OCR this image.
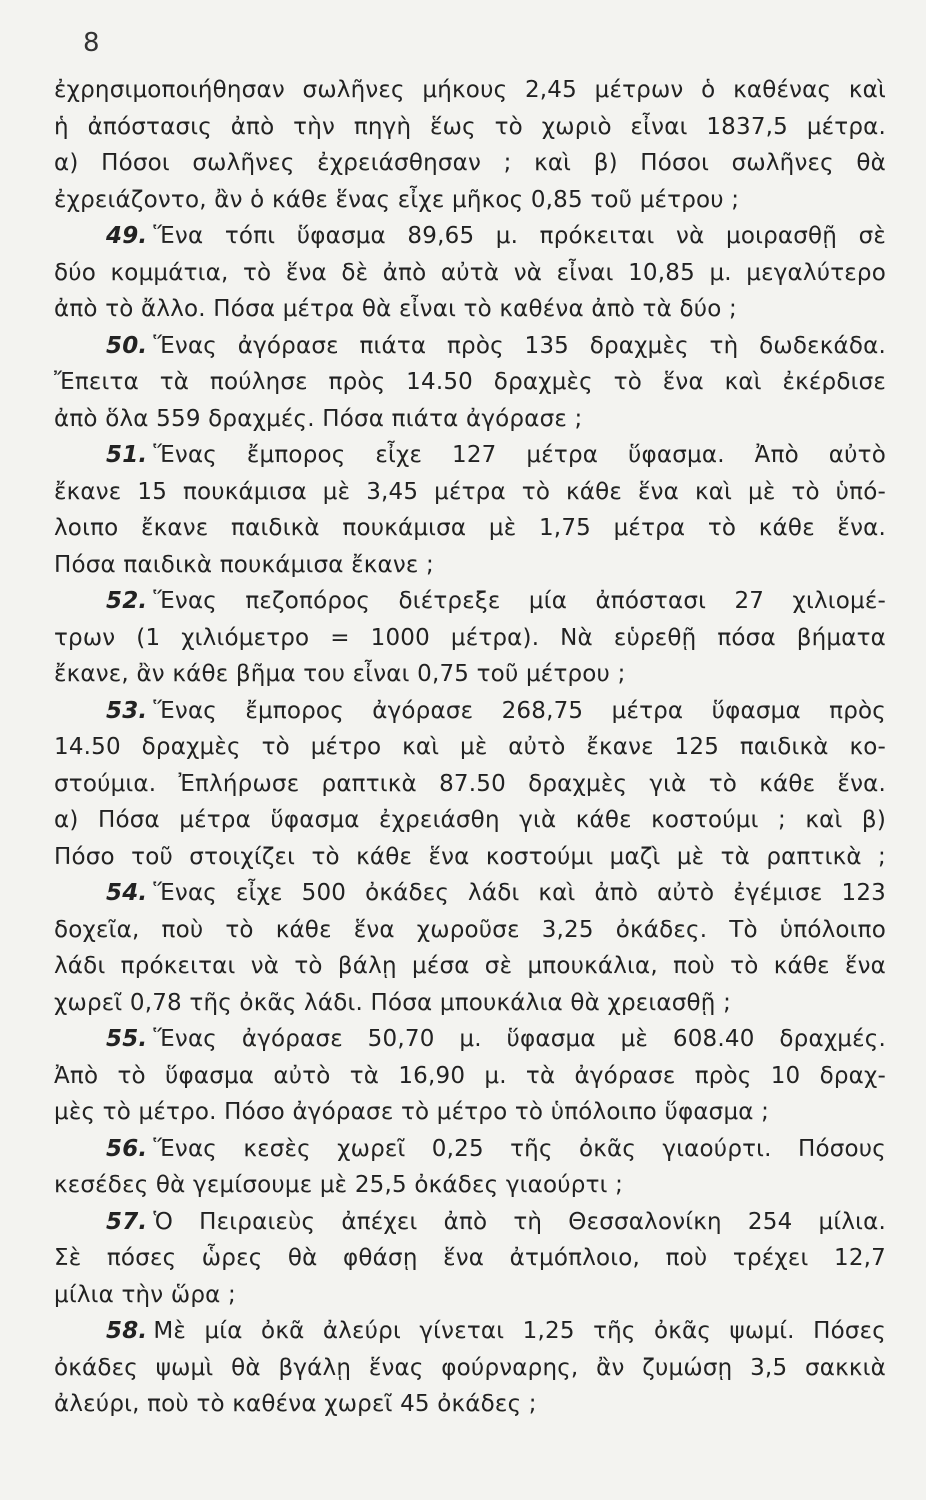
8
ἐχρησιμοποιήθησαν σωλῆνες μήκους 2,45 μέτρων ὁ καθένας καὶ
ἡ ἀπόστασις ἀπὸ τὴν πηγὴ ἕως τὸ χωριὸ εἶναι 1837,5 μέτρα.
α) Πόσοι σωλῆνες ἐχρειάσθησαν ; καὶ β) Πόσοι σωλῆνες θὰ
ἐχρειάζοντο, ἂν ὁ κάθε ἕνας εἶχε μῆκος 0,85 τοῦ μέτρου ;
49. Ἕνα τόπι ὕφασμα 89,65 μ. πρόκειται νὰ μοιρασθῇ σὲ
δύο κομμάτια, τὸ ἕνα δὲ ἀπὸ αὐτὰ νὰ εἶναι 10,85 μ. μεγαλύτερο
ἀπὸ τὸ ἄλλο. Πόσα μέτρα θὰ εἶναι τὸ καθένα ἀπὸ τὰ δύο ;
50. Ἕνας ἀγόρασε πιάτα πρὸς 135 δραχμὲς τὴ δωδεκάδα.
Ἔπειτα τὰ πούλησε πρὸς 14.50 δραχμὲς τὸ ἕνα καὶ ἐκέρδισε
ἀπὸ ὅλα 559 δραχμές. Πόσα πιάτα ἀγόρασε ;
51. Ἕνας ἔμπορος εἶχε 127 μέτρα ὕφασμα. Ἀπὸ αὐτὸ
ἔκανε 15 πουκάμισα μὲ 3,45 μέτρα τὸ κάθε ἕνα καὶ μὲ τὸ ὑπό-
λοιπο ἔκανε παιδικὰ πουκάμισα μὲ 1,75 μέτρα τὸ κάθε ἕνα.
Πόσα παιδικὰ πουκάμισα ἔκανε ;
52. Ἕνας πεζοπόρος διέτρεξε μία ἀπόστασι 27 χιλιομέ-
τρων (1 χιλιόμετρο = 1000 μέτρα). Νὰ εὑρεθῇ πόσα βήματα
ἔκανε, ἂν κάθε βῆμα του εἶναι 0,75 τοῦ μέτρου ;
53. Ἕνας ἔμπορος ἀγόρασε 268,75 μέτρα ὕφασμα πρὸς
14.50 δραχμὲς τὸ μέτρο καὶ μὲ αὐτὸ ἔκανε 125 παιδικὰ κο-
στούμια. Ἐπλήρωσε ραπτικὰ 87.50 δραχμὲς γιὰ τὸ κάθε ἕνα.
α) Πόσα μέτρα ὕφασμα ἐχρειάσθη γιὰ κάθε κοστούμι ; καὶ β)
Πόσο τοῦ στοιχίζει τὸ κάθε ἕνα κοστούμι μαζὶ μὲ τὰ ραπτικὰ ;
54. Ἕνας εἶχε 500 ὀκάδες λάδι καὶ ἀπὸ αὐτὸ ἐγέμισε 123
δοχεῖα, ποὺ τὸ κάθε ἕνα χωροῦσε 3,25 ὀκάδες. Τὸ ὑπόλοιπο
λάδι πρόκειται νὰ τὸ βάλῃ μέσα σὲ μπουκάλια, ποὺ τὸ κάθε ἕνα
χωρεῖ 0,78 τῆς ὀκᾶς λάδι. Πόσα μπουκάλια θὰ χρειασθῇ ;
55. Ἕνας ἀγόρασε 50,70 μ. ὕφασμα μὲ 608.40 δραχμές.
Ἀπὸ τὸ ὕφασμα αὐτὸ τὰ 16,90 μ. τὰ ἀγόρασε πρὸς 10 δραχ-
μὲς τὸ μέτρο. Πόσο ἀγόρασε τὸ μέτρο τὸ ὑπόλοιπο ὕφασμα ;
56. Ἕνας κεσὲς χωρεῖ 0,25 τῆς ὀκᾶς γιαούρτι. Πόσους
κεσέδες θὰ γεμίσουμε μὲ 25,5 ὀκάδες γιαούρτι ;
57. Ὁ Πειραιεὺς ἀπέχει ἀπὸ τὴ Θεσσαλονίκη 254 μίλια.
Σὲ πόσες ὧρες θὰ φθάσῃ ἕνα ἀτμόπλοιο, ποὺ τρέχει 12,7
μίλια τὴν ὥρα ;
58. Μὲ μία ὀκᾶ ἀλεύρι γίνεται 1,25 τῆς ὀκᾶς ψωμί. Πόσες
ὀκάδες ψωμὶ θὰ βγάλῃ ἕνας φούρναρης, ἂν ζυμώσῃ 3,5 σακκιὰ
ἀλεύρι, ποὺ τὸ καθένα χωρεῖ 45 ὀκάδες ;
